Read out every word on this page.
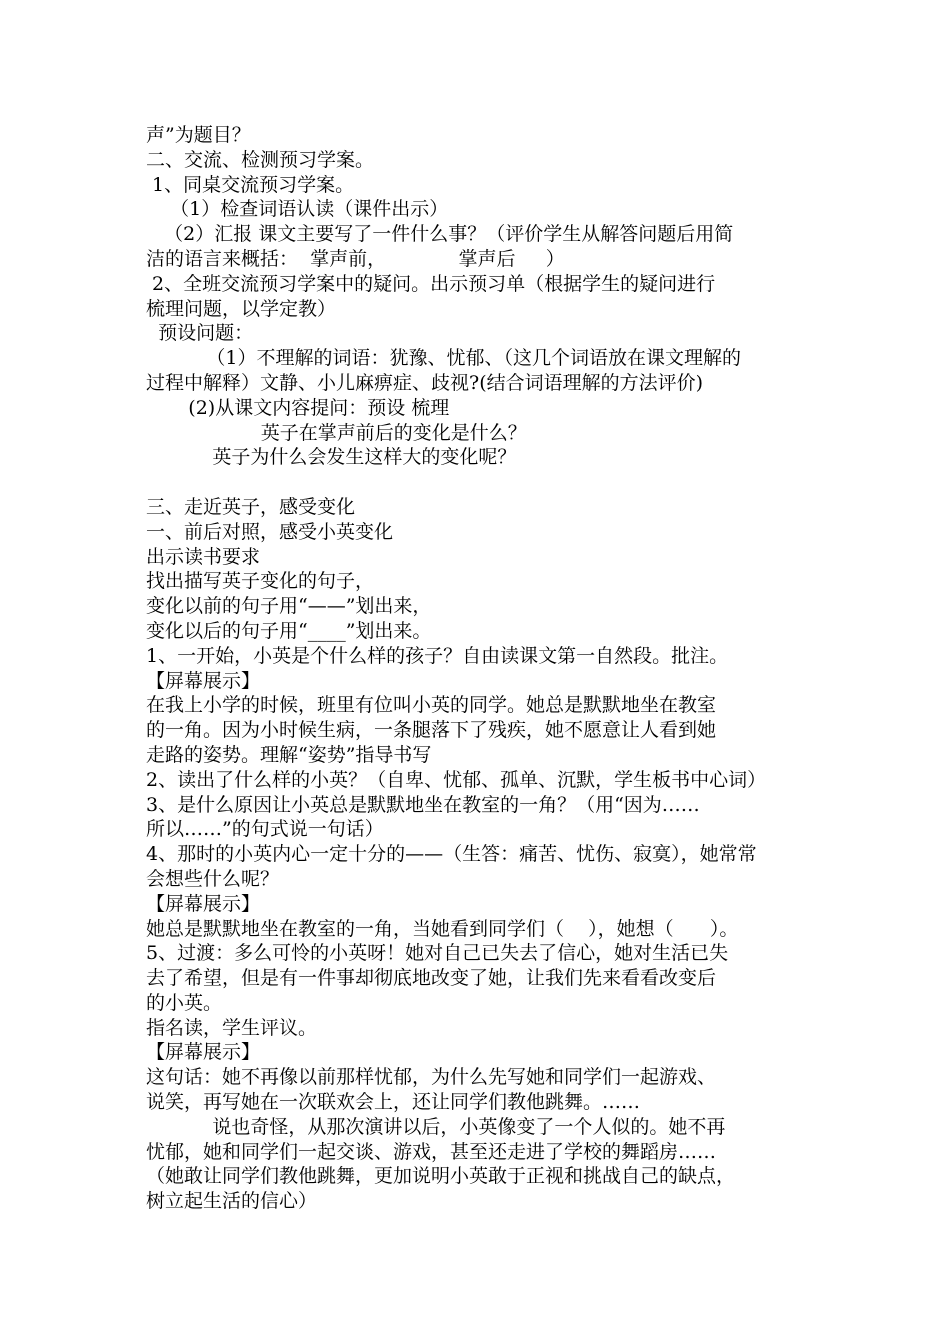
声”为题目？
二、交流、检测预习学案。
1、同桌交流预习学案。
（1）检查词语认读（课件出示）
（2）汇报 课文主要写了一件什么事？（评价学生从解答问题后用简
洁的语言来概括：  掌声前，            掌声后     ）
2、全班交流预习学案中的疑问。出示预习单（根据学生的疑问进行
梳理问题，以学定教）
预设问题：
（1）不理解的词语：犹豫、忧郁、（这几个词语放在课文理解的
过程中解释）文静、小儿麻痹症、歧视?(结合词语理解的方法评价)
(2)从课文内容提问：预设 梳理
英子在掌声前后的变化是什么？
英子为什么会发生这样大的变化呢？
三、走近英子，感受变化
一、前后对照，感受小英变化
出示读书要求
找出描写英子变化的句子，
变化以前的句子用“——”划出来，
变化以后的句子用“____”划出来。
1、一开始，小英是个什么样的孩子？自由读课文第一自然段。批注。
【屏幕展示】
在我上小学的时候，班里有位叫小英的同学。她总是默默地坐在教室
的一角。因为小时候生病，一条腿落下了残疾，她不愿意让人看到她
走路的姿势。理解“姿势”指导书写
2、读出了什么样的小英？（自卑、忧郁、孤单、沉默，学生板书中心词）
3、是什么原因让小英总是默默地坐在教室的一角？（用“因为……
所以……”的句式说一句话）
4、那时的小英内心一定十分的——（生答：痛苦、忧伤、寂寞），她常常
会想些什么呢？
【屏幕展示】
她总是默默地坐在教室的一角，当她看到同学们（    ），她想（      ）。
5、过渡：多么可怜的小英呀！她对自己已失去了信心，她对生活已失
去了希望，但是有一件事却彻底地改变了她，让我们先来看看改变后
的小英。
指名读，学生评议。
【屏幕展示】
这句话：她不再像以前那样忧郁，为什么先写她和同学们一起游戏、
说笑，再写她在一次联欢会上，还让同学们教他跳舞。……
说也奇怪，从那次演讲以后，小英像变了一个人似的。她不再
忧郁，她和同学们一起交谈、游戏，甚至还走进了学校的舞蹈房……
（她敢让同学们教他跳舞，更加说明小英敢于正视和挑战自己的缺点，
树立起生活的信心）
